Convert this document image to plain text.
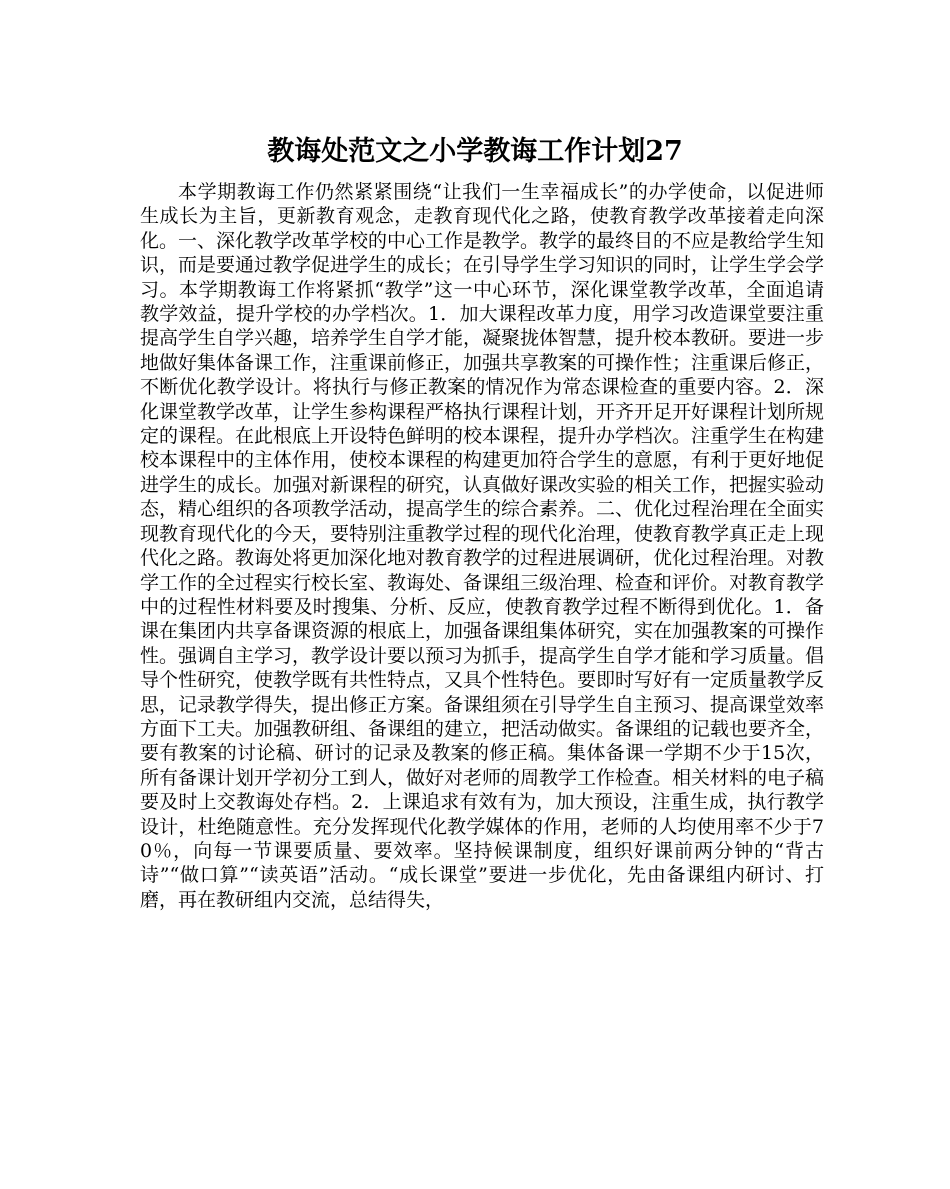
教诲处范文之小学教诲工作计划27

本学期教诲工作仍然紧紧围绕“让我们一生幸福成长”的办学使命，以促进师生成长为主旨，更新教育观念，走教育现代化之路，使教育教学改革接着走向深化。一、深化教学改革学校的中心工作是教学。教学的最终目的不应是教给学生知识，而是要通过教学促进学生的成长；在引导学生学习知识的同时，让学生学会学习。本学期教诲工作将紧抓“教学”这一中心环节，深化课堂教学改革，全面追请教学效益，提升学校的办学档次。1．加大课程改革力度，用学习改造课堂要注重提高学生自学兴趣，培养学生自学才能，凝聚拢体智慧，提升校本教研。要进一步地做好集体备课工作，注重课前修正，加强共享教案的可操作性；注重课后修正，不断优化教学设计。将执行与修正教案的情况作为常态课检查的重要内容。2．深化课堂教学改革，让学生参构课程严格执行课程计划，开齐开足开好课程计划所规定的课程。在此根底上开设特色鲜明的校本课程，提升办学档次。注重学生在构建校本课程中的主体作用，使校本课程的构建更加符合学生的意愿，有利于更好地促进学生的成长。加强对新课程的研究，认真做好课改实验的相关工作，把握实验动态，精心组织的各项教学活动，提高学生的综合素养。二、优化过程治理在全面实现教育现代化的今天，要特别注重教学过程的现代化治理，使教育教学真正走上现代化之路。教诲处将更加深化地对教育教学的过程进展调研，优化过程治理。对教学工作的全过程实行校长室、教诲处、备课组三级治理、检查和评价。对教育教学中的过程性材料要及时搜集、分析、反应，使教育教学过程不断得到优化。1．备课在集团内共享备课资源的根底上，加强备课组集体研究，实在加强教案的可操作性。强调自主学习，教学设计要以预习为抓手，提高学生自学才能和学习质量。倡导个性研究，使教学既有共性特点，又具个性特色。要即时写好有一定质量教学反思，记录教学得失，提出修正方案。备课组须在引导学生自主预习、提高课堂效率方面下工夫。加强教研组、备课组的建立，把活动做实。备课组的记载也要齐全，要有教案的讨论稿、研讨的记录及教案的修正稿。集体备课一学期不少于15次，所有备课计划开学初分工到人，做好对老师的周教学工作检查。相关材料的电子稿要及时上交教诲处存档。2．上课追求有效有为，加大预设，注重生成，执行教学设计，杜绝随意性。充分发挥现代化教学媒体的作用，老师的人均使用率不少于70％，向每一节课要质量、要效率。坚持候课制度，组织好课前两分钟的“背古诗”“做口算”“读英语”活动。“成长课堂”要进一步优化，先由备课组内研讨、打磨，再在教研组内交流，总结得失，
